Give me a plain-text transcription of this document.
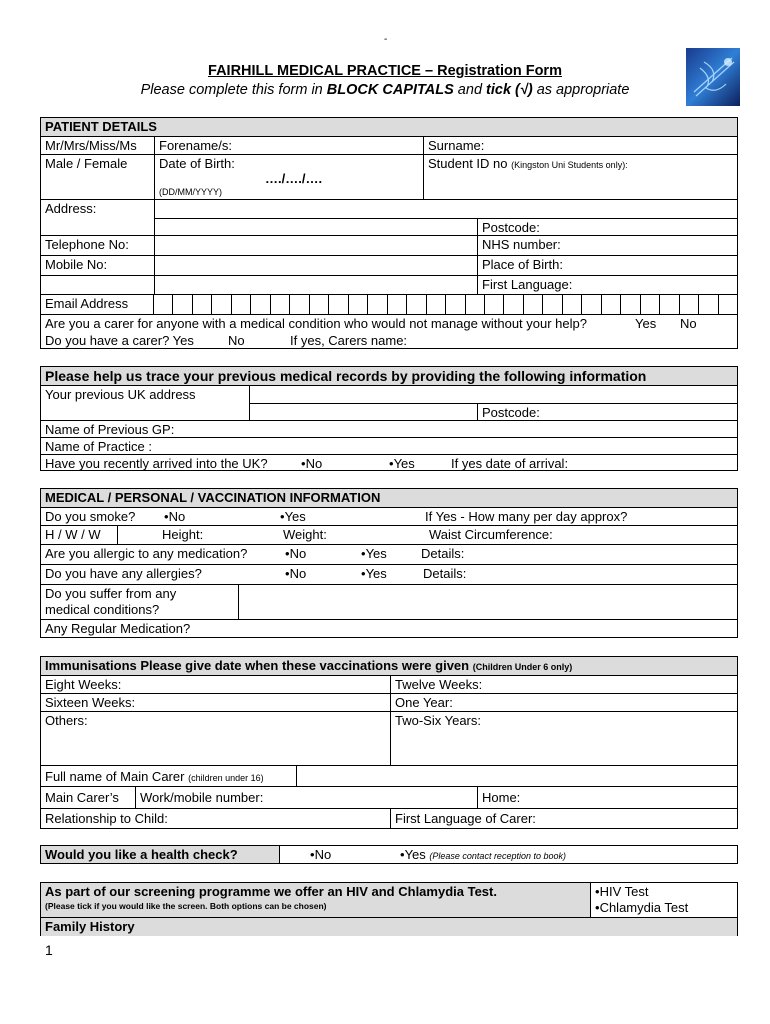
-
FAIRHILL MEDICAL PRACTICE – Registration Form
Please complete this form in BLOCK CAPITALS and tick (√) as appropriate
PATIENT DETAILS
Mr/Mrs/Miss/Ms	Forename/s:	Surname:
Male / Female	Date of Birth:
…./…./….
(DD/MM/YYYY)
Student ID no (Kingston Uni Students only):
Address:
Postcode:
Telephone No:	NHS number:
Mobile No:	Place of Birth:
First Language:
Email Address
Are you a carer for anyone with a medical condition who would not manage without your help?	Yes	No
Do you have a carer? Yes	No	If yes, Carers name:
Please help us trace your previous medical records by providing the following information
Your previous UK address
Postcode:
Name of Previous GP:
Name of Practice :
Have you recently arrived into the UK?	• No	• Yes	If yes date of arrival:
MEDICAL / PERSONAL / VACCINATION INFORMATION
Do you smoke?	• No	• Yes	If Yes - How many per day approx?
H / W / W	Height:	Weight:	Waist Circumference:
Are you allergic to any medication?	• No	• Yes	Details:
Do you have any allergies?	• No	• Yes	Details:
Do you suffer from any
medical conditions?
Any Regular Medication?
Immunisations Please give date when these vaccinations were given (Children Under 6 only)
Eight Weeks:	Twelve Weeks:
Sixteen Weeks:	One Year:
Others:	Two-Six Years:
Full name of Main Carer (children under 16)
Main Carer’s	Work/mobile number:	Home:
Relationship to Child:	First Language of Carer:
Would you like a health check?	• No	• Yes (Please contact reception to book)
As part of our screening programme we offer an HIV and Chlamydia Test.
(Please tick if you would like the screen. Both options can be chosen)
• HIV Test
• Chlamydia Test
Family History
1
